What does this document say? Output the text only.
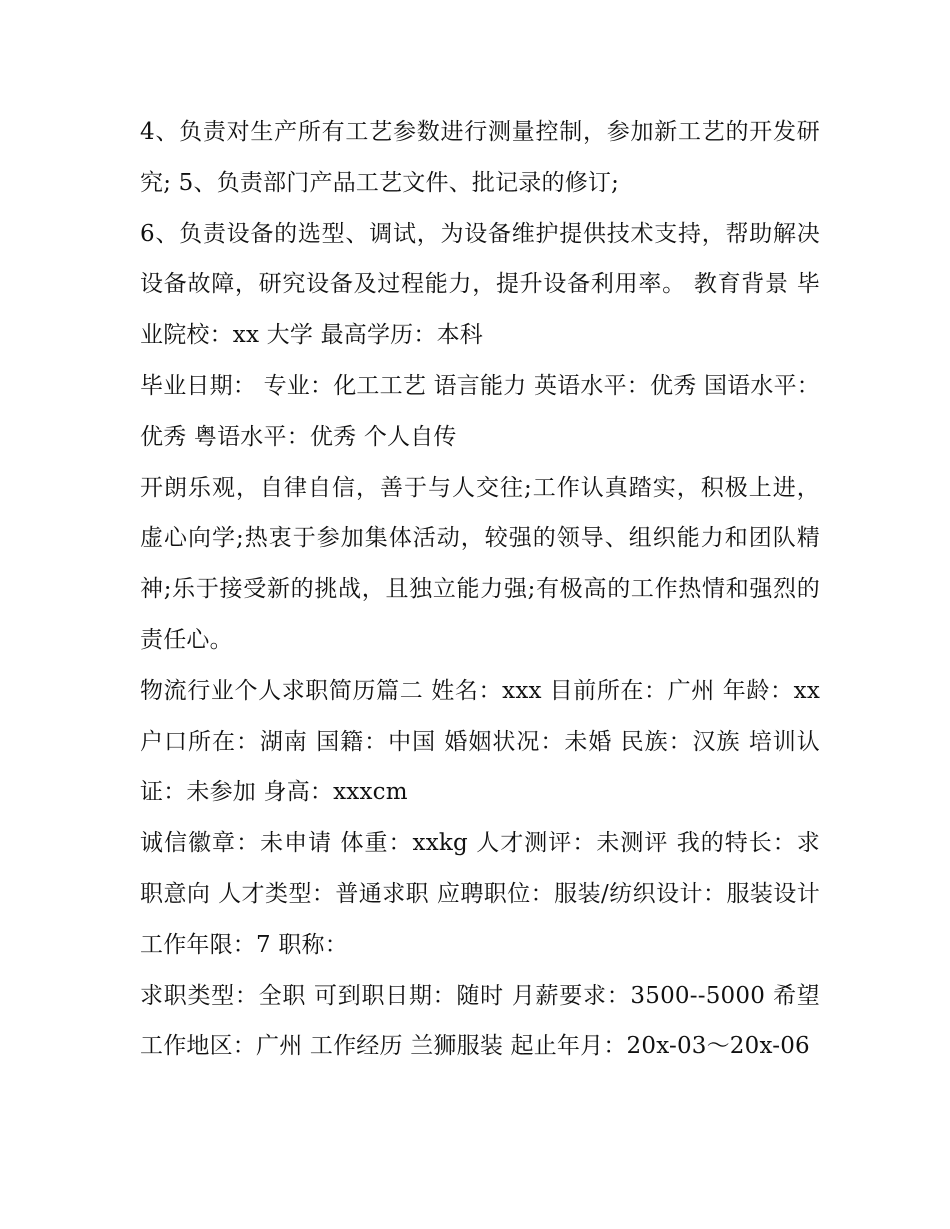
4、负责对生产所有工艺参数进行测量控制，参加新工艺的开发研究; 5、负责部门产品工艺文件、批记录的修订;

6、负责设备的选型、调试，为设备维护提供技术支持，帮助解决设备故障，研究设备及过程能力，提升设备利用率。 教育背景 毕业院校：xx 大学 最高学历：本科

毕业日期： 专业：化工工艺 语言能力 英语水平：优秀 国语水平：优秀 粤语水平：优秀 个人自传

开朗乐观，自律自信，善于与人交往;工作认真踏实，积极上进，虚心向学;热衷于参加集体活动，较强的领导、组织能力和团队精神;乐于接受新的挑战，且独立能力强;有极高的工作热情和强烈的责任心。

物流行业个人求职简历篇二 姓名：xxx 目前所在：广州 年龄：xx 户口所在：湖南 国籍：中国 婚姻状况：未婚 民族：汉族 培训认证：未参加 身高：xxxcm

诚信徽章：未申请 体重：xxkg 人才测评：未测评 我的特长：求职意向 人才类型：普通求职 应聘职位：服装/纺织设计：服装设计 工作年限：7 职称：

求职类型：全职 可到职日期：随时 月薪要求：3500--5000 希望工作地区：广州 工作经历 兰狮服装 起止年月：20x-03～20x-06
